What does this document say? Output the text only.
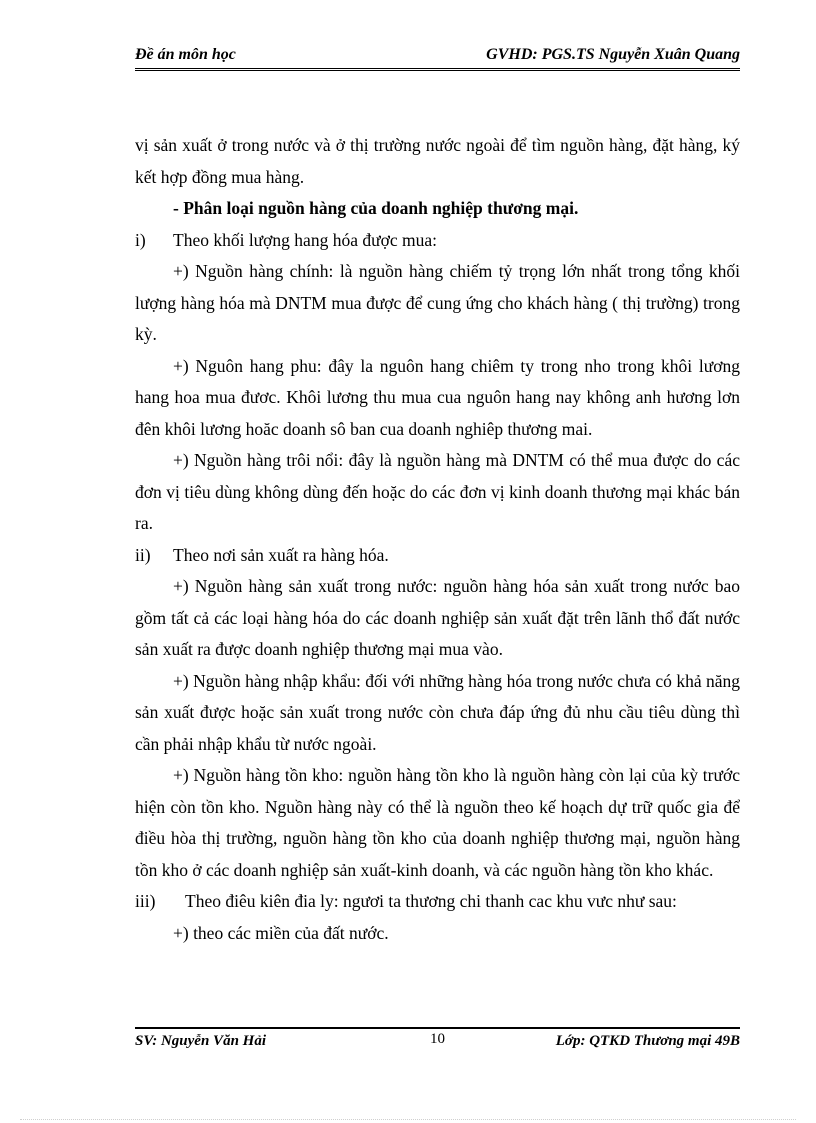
Đề án môn học	GVHD: PGS.TS Nguyễn Xuân Quang

vị sản xuất ở trong nước và ở thị trường nước ngoài để tìm nguồn hàng, đặt hàng, ký kết hợp đồng mua hàng.

- Phân loại nguồn hàng của doanh nghiệp thương mại.

i)	Theo khối lượng hang hóa được mua:

+) Nguồn hàng chính: là nguồn hàng chiếm tỷ trọng lớn nhất trong tổng khối lượng hàng hóa mà DNTM mua được để cung ứng cho khách hàng ( thị trường) trong kỳ.

+) Nguôn hang phu: đây la nguôn hang chiêm ty trong nho trong khôi lương hang hoa mua đươc. Khôi lương thu mua cua nguôn hang nay không anh hương lơn đên khôi lương hoăc doanh sô ban cua doanh nghiêp thương mai.

+) Nguồn hàng trôi nổi: đây là nguồn hàng mà DNTM có thể mua được do các đơn vị tiêu dùng không dùng đến hoặc do các đơn vị kinh doanh thương mại khác bán ra.

ii)	Theo nơi sản xuất ra hàng hóa.

+) Nguồn hàng sản xuất trong nước: nguồn hàng hóa sản xuất trong nước bao gồm tất cả các loại hàng hóa do các doanh nghiệp sản xuất đặt trên lãnh thổ đất nước sản xuất ra được doanh nghiệp thương mại mua vào.

+) Nguồn hàng nhập khẩu: đối với những hàng hóa trong nước chưa có khả năng sản xuất được hoặc sản xuất trong nước còn chưa đáp ứng đủ nhu cầu tiêu dùng thì cần phải nhập khẩu từ nước ngoài.

+) Nguồn hàng tồn kho: nguồn hàng tồn kho là nguồn hàng còn lại của kỳ trước hiện còn tồn kho. Nguồn hàng này có thể là nguồn theo kế hoạch dự trữ quốc gia để điều hòa thị trường, nguồn hàng tồn kho của doanh nghiệp thương mại, nguồn hàng tồn kho ở các doanh nghiệp sản xuất-kinh doanh, và các nguồn hàng tồn kho khác.

iii)	Theo điêu kiên đia ly: ngươi ta thương chi thanh cac khu vưc như sau:

+) theo các miền của đất nước.

SV: Nguyễn Văn Hải	10	Lớp: QTKD Thương mại 49B
